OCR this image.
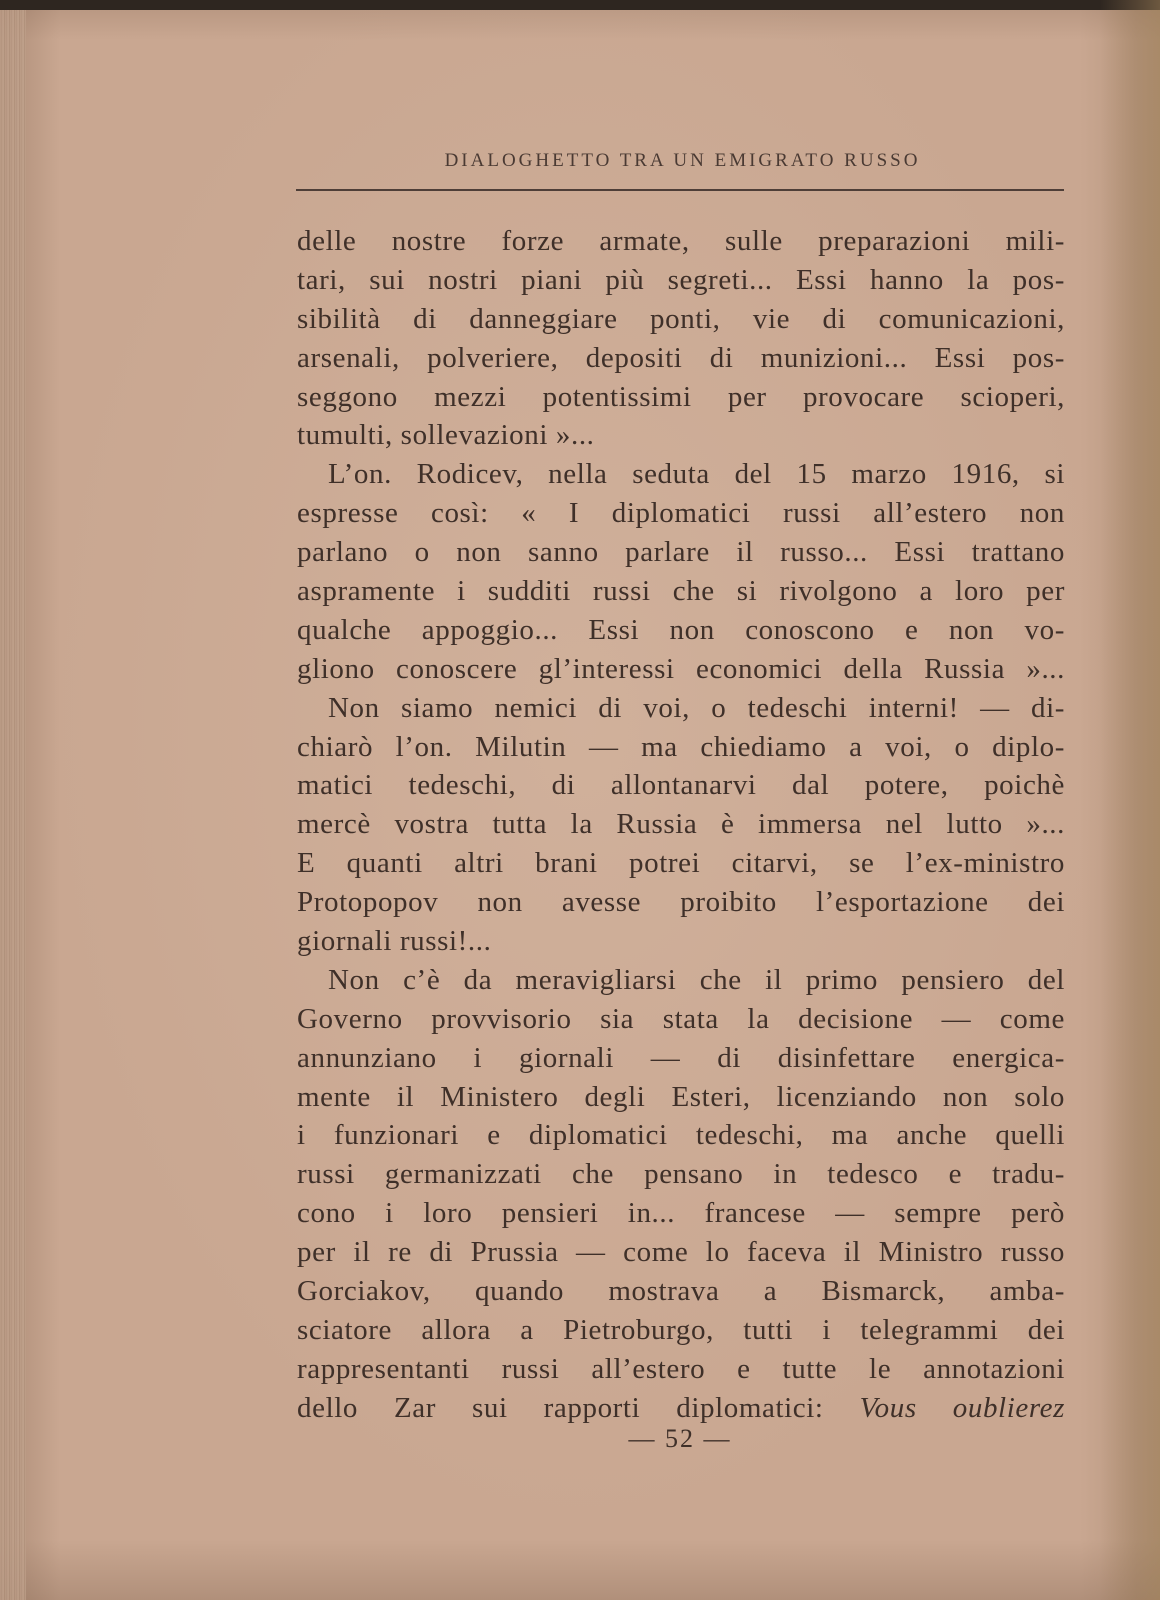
DIALOGHETTO TRA UN EMIGRATO RUSSO
delle nostre forze armate, sulle preparazioni mili-
tari, sui nostri piani più segreti... Essi hanno la pos-
sibilità di danneggiare ponti, vie di comunicazioni,
arsenali, polveriere, depositi di munizioni... Essi pos-
seggono mezzi potentissimi per provocare scioperi,
tumulti, sollevazioni »...
L’on. Rodicev, nella seduta del 15 marzo 1916, si
espresse così: « I diplomatici russi all’estero non
parlano o non sanno parlare il russo... Essi trattano
aspramente i sudditi russi che si rivolgono a loro per
qualche appoggio... Essi non conoscono e non vo-
gliono conoscere gl’interessi economici della Russia »...
Non siamo nemici di voi, o tedeschi interni! — di-
chiarò l’on. Milutin — ma chiediamo a voi, o diplo-
matici tedeschi, di allontanarvi dal potere, poichè
mercè vostra tutta la Russia è immersa nel lutto »...
E quanti altri brani potrei citarvi, se l’ex-ministro
Protopopov non avesse proibito l’esportazione dei
giornali russi!...
Non c’è da meravigliarsi che il primo pensiero del
Governo provvisorio sia stata la decisione — come
annunziano i giornali — di disinfettare energica-
mente il Ministero degli Esteri, licenziando non solo
i funzionari e diplomatici tedeschi, ma anche quelli
russi germanizzati che pensano in tedesco e tradu-
cono i loro pensieri in... francese — sempre però
per il re di Prussia — come lo faceva il Ministro russo
Gorciakov, quando mostrava a Bismarck, amba-
sciatore allora a Pietroburgo, tutti i telegrammi dei
rappresentanti russi all’estero e tutte le annotazioni
dello Zar sui rapporti diplomatici: Vous oublierez
— 52 —
